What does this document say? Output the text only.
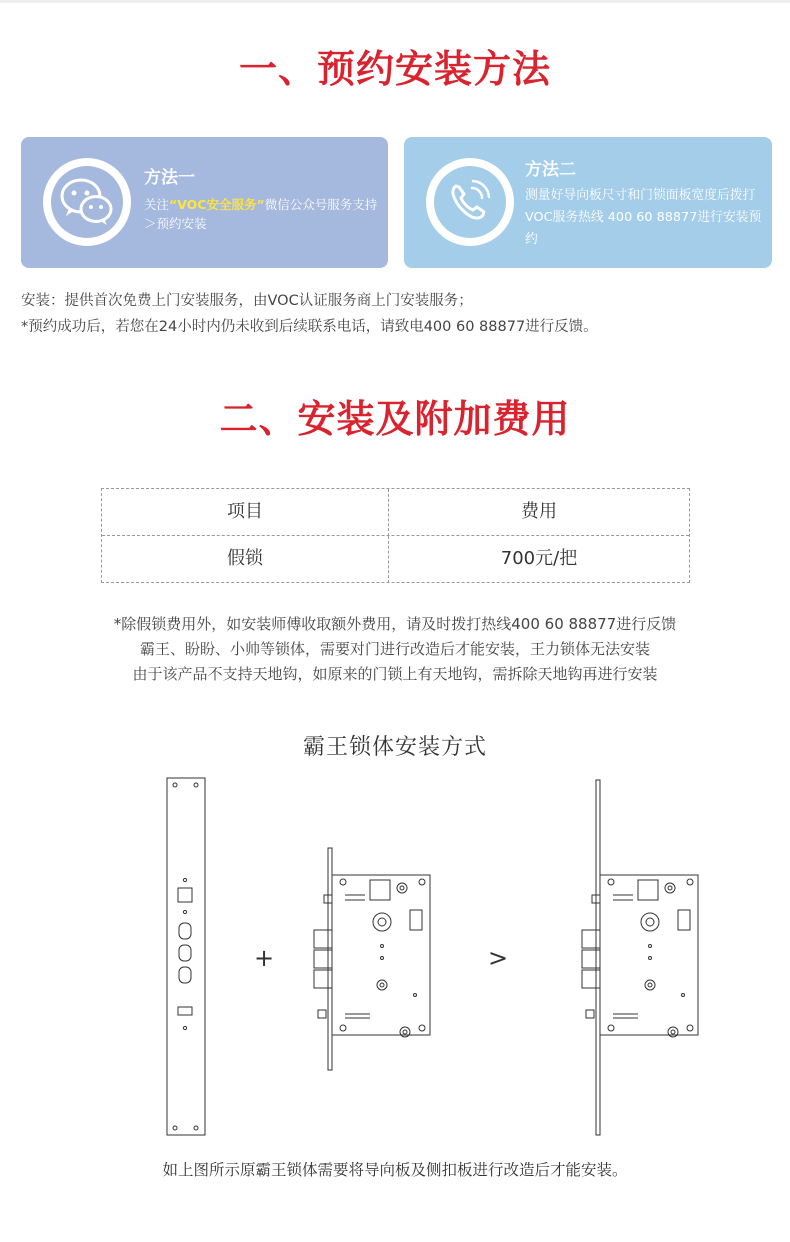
一、预约安装方法
方法一
关注“VOC安全服务”微信公众号服务支持＞预约安装
方法二
测量好导向板尺寸和门锁面板宽度后拨打VOC服务热线 400 60 88877进行安装预约
安装：提供首次免费上门安装服务，由VOC认证服务商上门安装服务；
*预约成功后，若您在24小时内仍未收到后续联系电话，请致电400 60 88877进行反馈。
二、安装及附加费用
项目	费用
假锁	700元/把
*除假锁费用外，如安装师傅收取额外费用，请及时拨打热线400 60 88877进行反馈
霸王、盼盼、小帅等锁体，需要对门进行改造后才能安装，王力锁体无法安装
由于该产品不支持天地钩，如原来的门锁上有天地钩，需拆除天地钩再进行安装
霸王锁体安装方式
+	>
如上图所示原霸王锁体需要将导向板及侧扣板进行改造后才能安装。
